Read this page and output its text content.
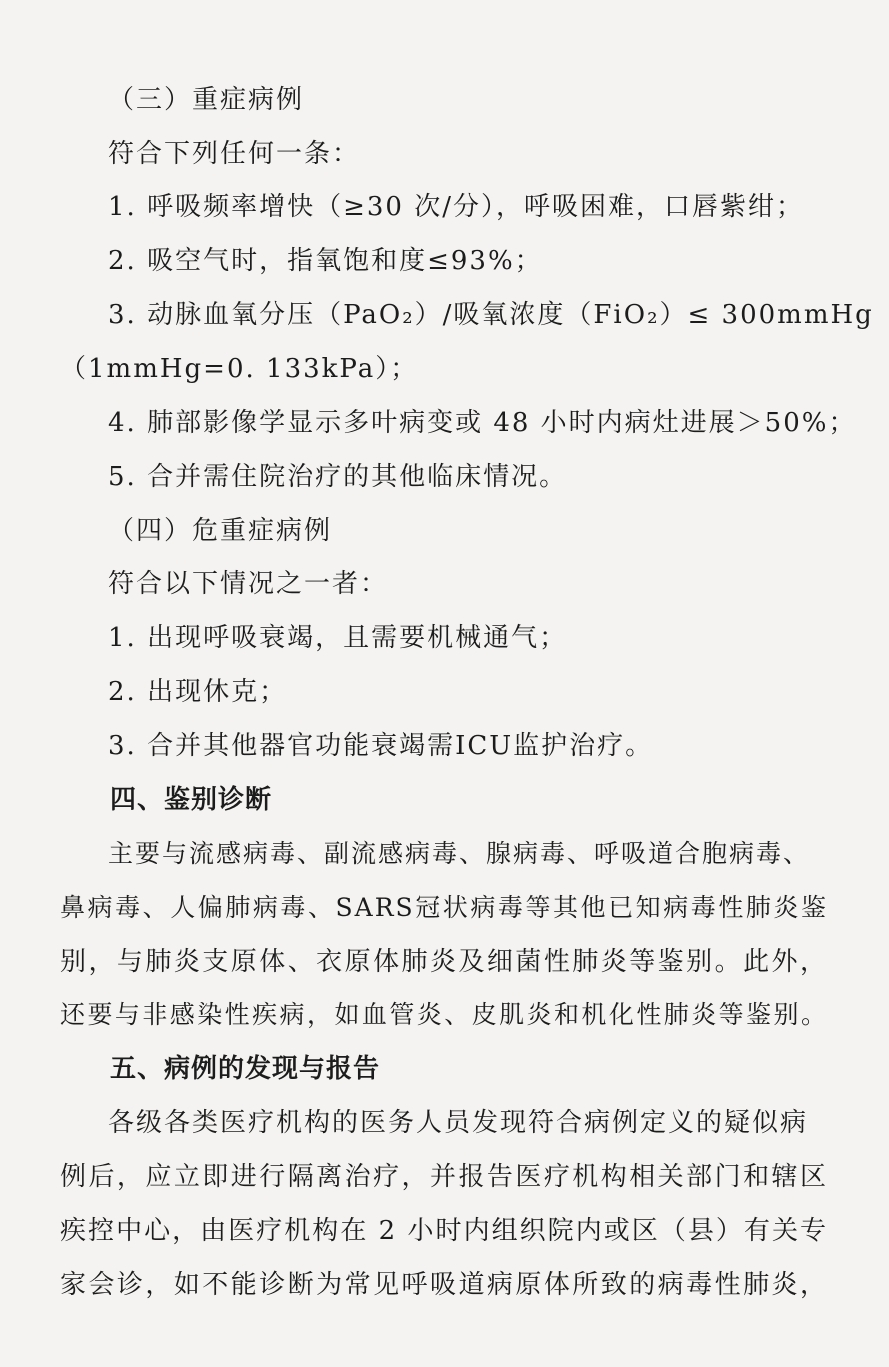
（三）重症病例
符合下列任何一条：
1. 呼吸频率增快（≥30 次/分），呼吸困难，口唇紫绀；
2. 吸空气时，指氧饱和度≤93%；
3. 动脉血氧分压（PaO₂）/吸氧浓度（FiO₂）≤ 300mmHg
（1mmHg=0. 133kPa）；
4. 肺部影像学显示多叶病变或 48 小时内病灶进展＞50%；
5. 合并需住院治疗的其他临床情况。
（四）危重症病例
符合以下情况之一者：
1. 出现呼吸衰竭，且需要机械通气；
2. 出现休克；
3. 合并其他器官功能衰竭需ICU监护治疗。
四、鉴别诊断
主要与流感病毒、副流感病毒、腺病毒、呼吸道合胞病毒、
鼻病毒、人偏肺病毒、SARS冠状病毒等其他已知病毒性肺炎鉴
别，与肺炎支原体、衣原体肺炎及细菌性肺炎等鉴别。此外，
还要与非感染性疾病，如血管炎、皮肌炎和机化性肺炎等鉴别。
五、病例的发现与报告
各级各类医疗机构的医务人员发现符合病例定义的疑似病
例后，应立即进行隔离治疗，并报告医疗机构相关部门和辖区
疾控中心，由医疗机构在 2 小时内组织院内或区（县）有关专
家会诊，如不能诊断为常见呼吸道病原体所致的病毒性肺炎，
